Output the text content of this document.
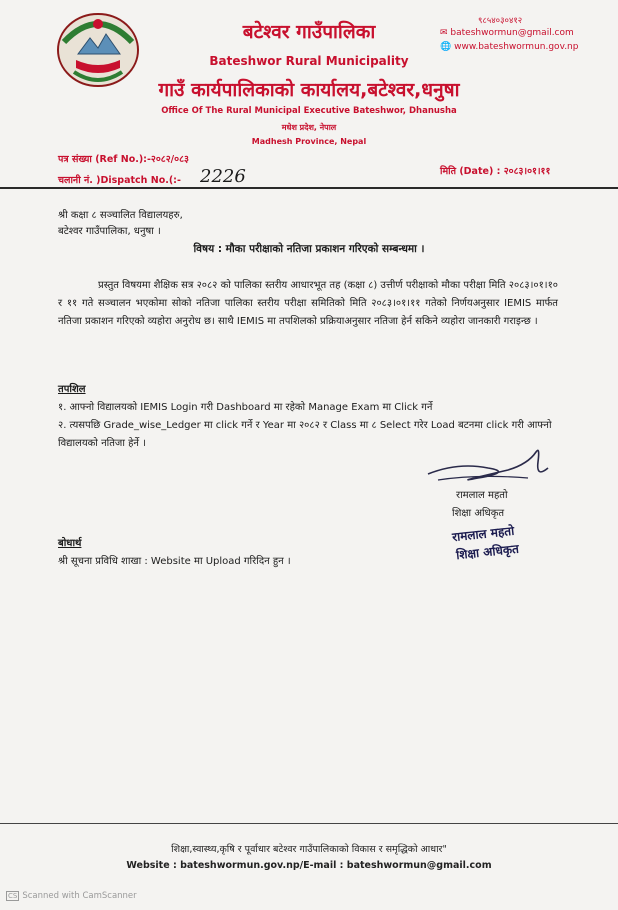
९८५४०३०४१२
✉ bateshwormun@gmail.com
🌐 www.bateshwormun.gov.np
बटेश्वर गाउँपालिका
Bateshwor Rural Municipality
गाउँ कार्यपालिकाको कार्यालय,बटेश्वर,धनुषा
Office Of The Rural Municipal Executive Bateshwor, Dhanusha
मधेश प्रदेश, नेपाल
Madhesh Province, Nepal
पत्र संख्या (Ref No.):-२०८२/०८३
चलानी नं. )Dispatch No.(:- 2226	मिति (Date) : २०८३।०१।११
श्री कक्षा ८ सञ्चालित विद्यालयहरु,
बटेश्वर गाउँपालिका, धनुषा ।
विषय : मौका परीक्षाको नतिजा प्रकाशन गरिएको सम्बन्धमा ।
प्रस्तुत विषयमा शैक्षिक सत्र २०८२ को पालिका स्तरीय आधारभूत तह (कक्षा ८) उत्तीर्ण परीक्षाको मौका परीक्षा मिति २०८३।०१।१० र ११ गते सञ्चालन भएकोमा सोको नतिजा पालिका स्तरीय परीक्षा समितिको मिति २०८३।०१।११ गतेको निर्णयअनुसार IEMIS मार्फत नतिजा प्रकाशन गरिएको व्यहोरा अनुरोध छ। साथै IEMIS मा तपशिलको प्रक्रियाअनुसार नतिजा हेर्न सकिने व्यहोरा जानकारी गराइन्छ ।
तपशिल
१. आफ्नो विद्यालयको IEMIS Login गरी Dashboard मा रहेको Manage Exam मा Click गर्ने
२. त्यसपछि Grade_wise_Ledger मा click गर्ने र Year मा २०८२ र Class मा ८ Select गरेर Load बटनमा click गरी आफ्नो विद्यालयको नतिजा हेर्ने ।
रामलाल महतो
शिक्षा अधिकृत
रामलाल महतो
शिक्षा अधिकृत
बोधार्थ
श्री सूचना प्रविधि शाखा : Website मा Upload गरिदिन हुन ।
शिक्षा,स्वास्थ्य,कृषि र पूर्वाधार बटेश्वर गाउँपालिकाको विकास र समृद्धिको आधार"
Website : bateshwormun.gov.np/E-mail : bateshwormun@gmail.com
CS Scanned with CamScanner
